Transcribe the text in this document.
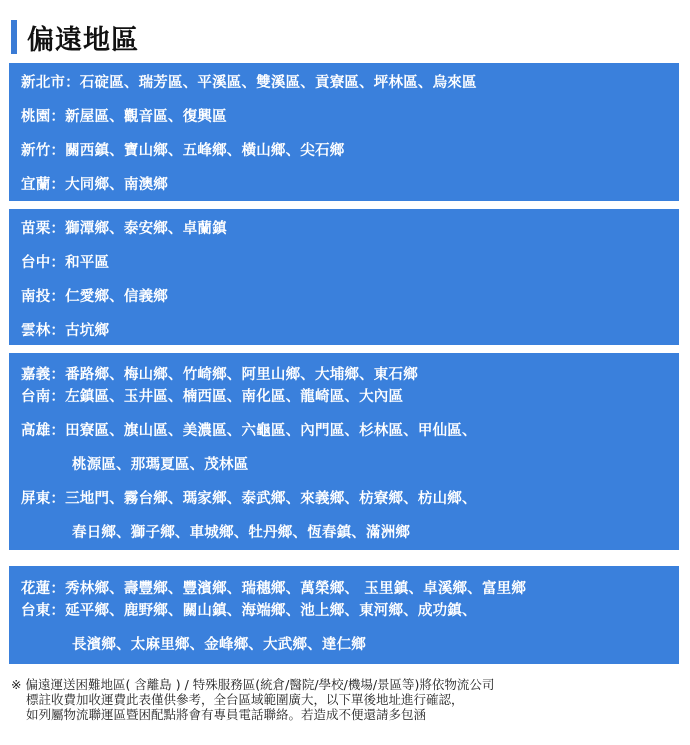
偏遠地區
新北市：石碇區、瑞芳區、平溪區、雙溪區、貢寮區、坪林區、烏來區
桃園：新屋區、觀音區、復興區
新竹：關西鎮、寶山鄉、五峰鄉、橫山鄉、尖石鄉
宜蘭：大同鄉、南澳鄉
苗栗：獅潭鄉、泰安鄉、卓蘭鎮
台中：和平區
南投：仁愛鄉、信義鄉
雲林：古坑鄉
嘉義：番路鄉、梅山鄉、竹崎鄉、阿里山鄉、大埔鄉、東石鄉
台南：左鎮區、玉井區、楠西區、南化區、龍崎區、大內區
高雄：田寮區、旗山區、美濃區、六龜區、內門區、杉林區、甲仙區、
桃源區、那瑪夏區、茂林區
屏東：三地門、霧台鄉、瑪家鄉、泰武鄉、來義鄉、枋寮鄉、枋山鄉、
春日鄉、獅子鄉、車城鄉、牡丹鄉、恆春鎮、滿洲鄉
花蓮：秀林鄉、壽豐鄉、豐濱鄉、瑞穗鄉、萬榮鄉、 玉里鎮、卓溪鄉、富里鄉
台東：延平鄉、鹿野鄉、關山鎮、海端鄉、池上鄉、東河鄉、成功鎮、
長濱鄉、太麻里鄉、金峰鄉、大武鄉、達仁鄉
※ 偏遠運送困難地區( 含離島 ) / 特殊服務區(統倉/醫院/學校/機場/景區等)將依物流公司
標註收費加收運費此表僅供參考，全台區域範圍廣大，以下單後地址進行確認，
如列屬物流聯運區暨困配點將會有專員電話聯絡。若造成不便還請多包涵
